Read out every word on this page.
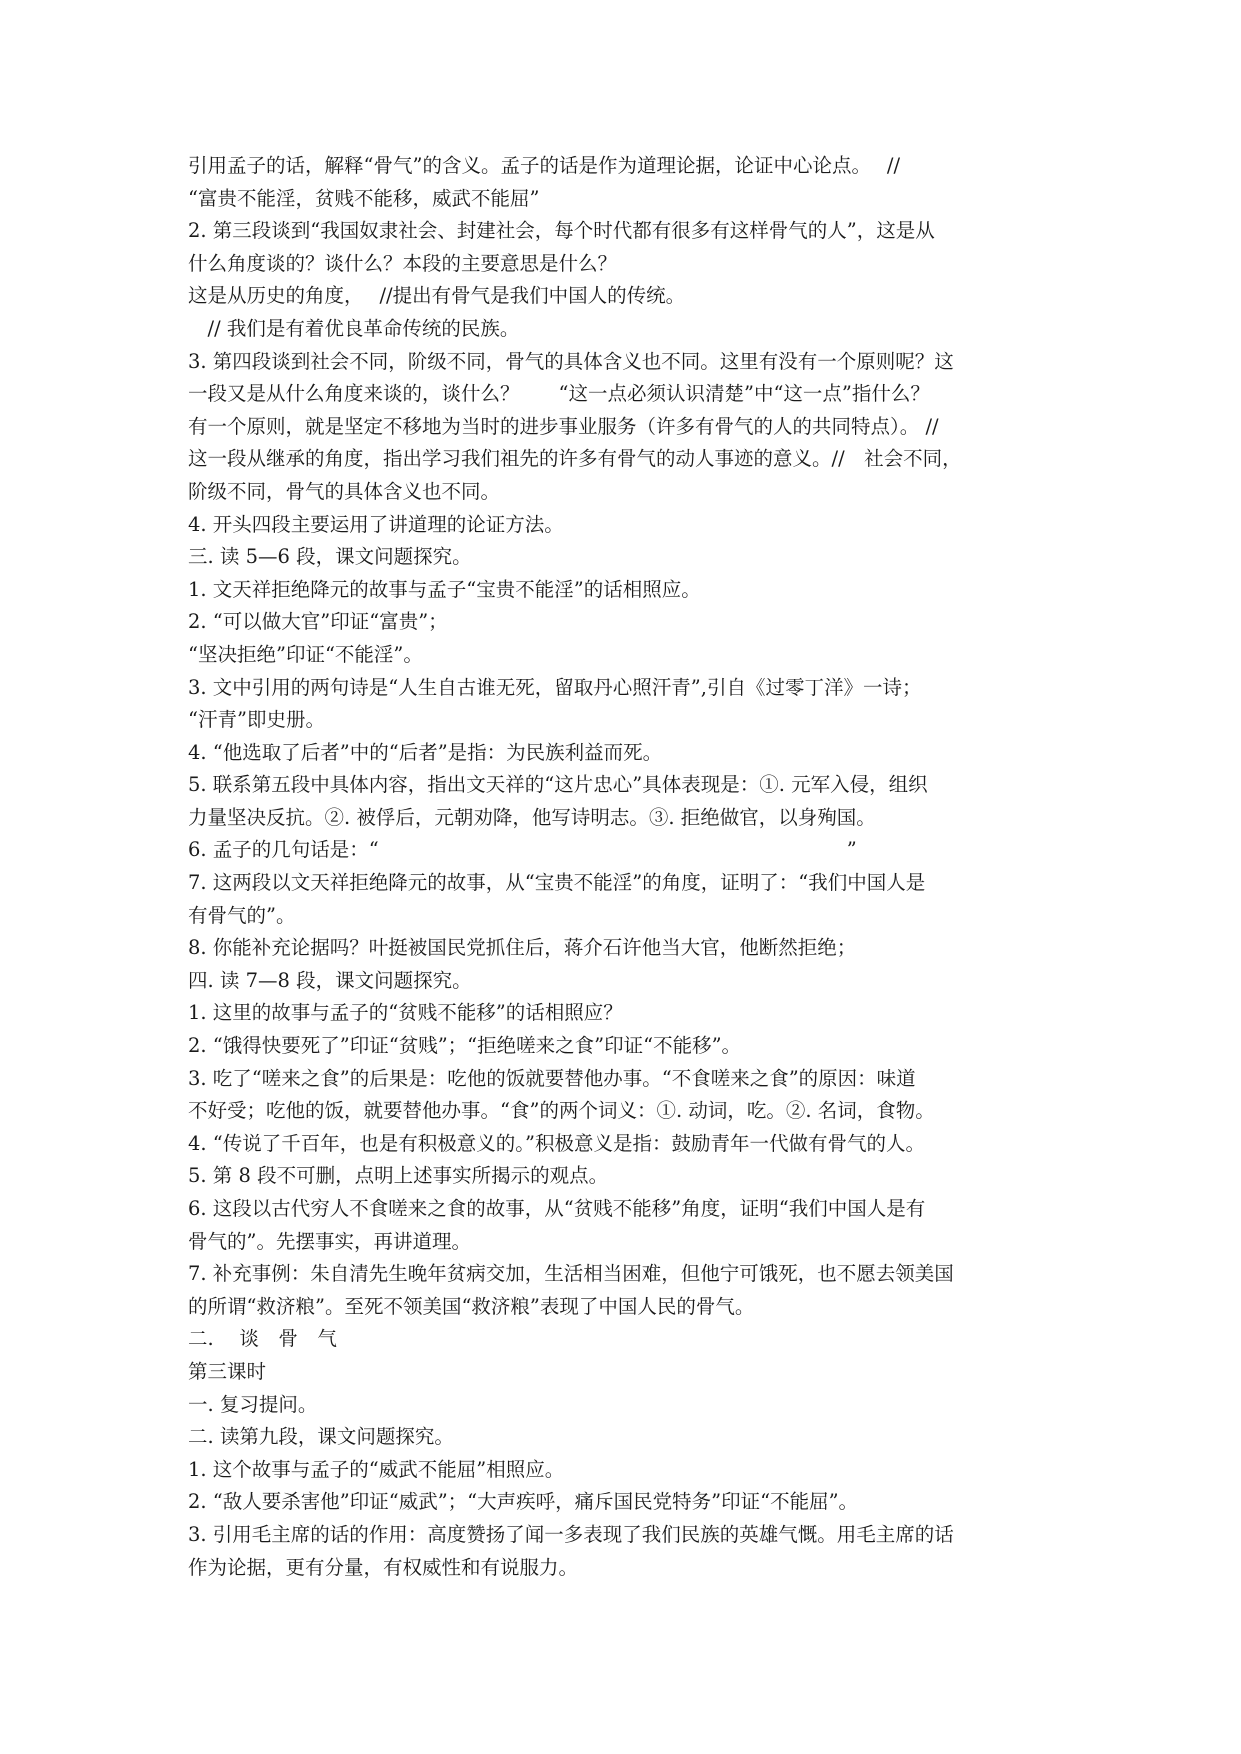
引用孟子的话，解释“骨气”的含义。孟子的话是作为道理论据，论证中心论点。　 //
“富贵不能淫，贫贱不能移，威武不能屈”
2. 第三段谈到“我国奴隶社会、封建社会，每个时代都有很多有这样骨气的人”，这是从
什么角度谈的？谈什么？本段的主要意思是什么？
这是从历史的角度，　 //提出有骨气是我们中国人的传统。
　// 我们是有着优良革命传统的民族。
3. 第四段谈到社会不同，阶级不同，骨气的具体含义也不同。这里有没有一个原则呢？这
一段又是从什么角度来谈的，谈什么？　　“这一点必须认识清楚”中“这一点”指什么？
有一个原则，就是坚定不移地为当时的进步事业服务（许多有骨气的人的共同特点）。 //
这一段从继承的角度，指出学习我们祖先的许多有骨气的动人事迹的意义。//　社会不同，
阶级不同，骨气的具体含义也不同。
4. 开头四段主要运用了讲道理的论证方法。
三. 读 5—6 段，课文问题探究。
1. 文天祥拒绝降元的故事与孟子“宝贵不能淫”的话相照应。
2. “可以做大官”印证“富贵”；
“坚决拒绝”印证“不能淫”。
3. 文中引用的两句诗是“人生自古谁无死，留取丹心照汗青”,引自《过零丁洋》一诗；
“汗青”即史册。
4. “他选取了后者”中的“后者”是指：为民族利益而死。
5. 联系第五段中具体内容，指出文天祥的“这片忠心”具体表现是：①. 元军入侵，组织
力量坚决反抗。②. 被俘后，元朝劝降，他写诗明志。③. 拒绝做官，以身殉国。
6. 孟子的几句话是：“　　　　　　　　　　　　　　　　　　　　　　　　”
7. 这两段以文天祥拒绝降元的故事，从“宝贵不能淫”的角度，证明了：“我们中国人是
有骨气的”。
8. 你能补充论据吗？叶挺被国民党抓住后，蒋介石许他当大官，他断然拒绝；
四. 读 7—8 段，课文问题探究。
1. 这里的故事与孟子的“贫贱不能移”的话相照应？
2. “饿得快要死了”印证“贫贱”；“拒绝嗟来之食”印证“不能移”。
3. 吃了“嗟来之食”的后果是：吃他的饭就要替他办事。“不食嗟来之食”的原因：味道
不好受；吃他的饭，就要替他办事。“食”的两个词义：①. 动词，吃。②. 名词，食物。
4. “传说了千百年，也是有积极意义的。”积极意义是指：鼓励青年一代做有骨气的人。
5. 第 8 段不可删，点明上述事实所揭示的观点。
6. 这段以古代穷人不食嗟来之食的故事，从“贫贱不能移”角度，证明“我们中国人是有
骨气的”。先摆事实，再讲道理。
7. 补充事例：朱自清先生晚年贫病交加，生活相当困难，但他宁可饿死，也不愿去领美国
的所谓“救济粮”。至死不领美国“救济粮”表现了中国人民的骨气。
二.　 谈　骨　气
第三课时
一. 复习提问。
二. 读第九段，课文问题探究。
1. 这个故事与孟子的“威武不能屈”相照应。
2. “敌人要杀害他”印证“威武”；“大声疾呼，痛斥国民党特务”印证“不能屈”。
3. 引用毛主席的话的作用：高度赞扬了闻一多表现了我们民族的英雄气慨。用毛主席的话
作为论据，更有分量，有权威性和有说服力。
